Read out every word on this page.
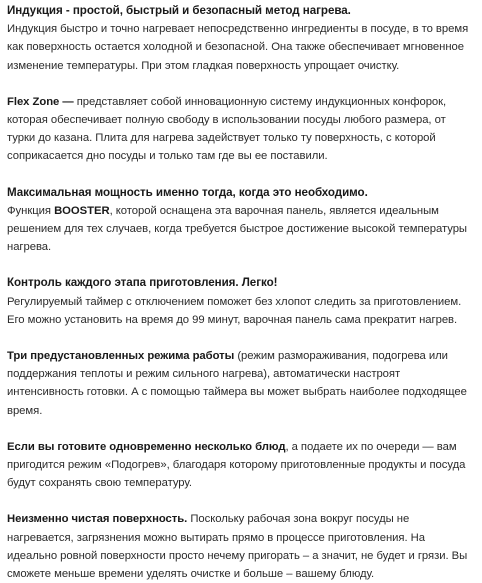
Индукция - простой, быстрый и безопасный метод нагрева.
Индукция быстро и точно нагревает непосредственно ингредиенты в посуде, в то время как поверхность остается холодной и безопасной. Она также обеспечивает мгновенное изменение температуры. При этом гладкая поверхность упрощает очистку.
Flex Zone — представляет собой инновационную систему индукционных конфорок, которая обеспечивает полную свободу в использовании посуды любого размера, от турки до казана. Плита для нагрева задействует только ту поверхность, с которой соприкасается дно посуды и только там где вы ее поставили.
Максимальная мощность именно тогда, когда это необходимо.
Функция BOOSTER, которой оснащена эта варочная панель, является идеальным решением для тех случаев, когда требуется быстрое достижение высокой температуры нагрева.
Контроль каждого этапа приготовления. Легко!
Регулируемый таймер с отключением поможет без хлопот следить за приготовлением. Его можно установить на время до 99 минут, варочная панель сама прекратит нагрев.
Три предустановленных режима работы (режим размораживания, подогрева или поддержания теплоты и режим сильного нагрева), автоматически настроят интенсивность готовки. А с помощью таймера вы может выбрать наиболее подходящее время.
Если вы готовите одновременно несколько блюд, а подаете их по очереди — вам пригодится режим «Подогрев», благодаря которому приготовленные продукты и посуда будут сохранять свою температуру.
Неизменно чистая поверхность. Поскольку рабочая зона вокруг посуды не нагревается, загрязнения можно вытирать прямо в процессе приготовления. На идеально ровной поверхности просто нечему пригорать – а значит, не будет и грязи. Вы сможете меньше времени уделять очистке и больше – вашему блюду.
